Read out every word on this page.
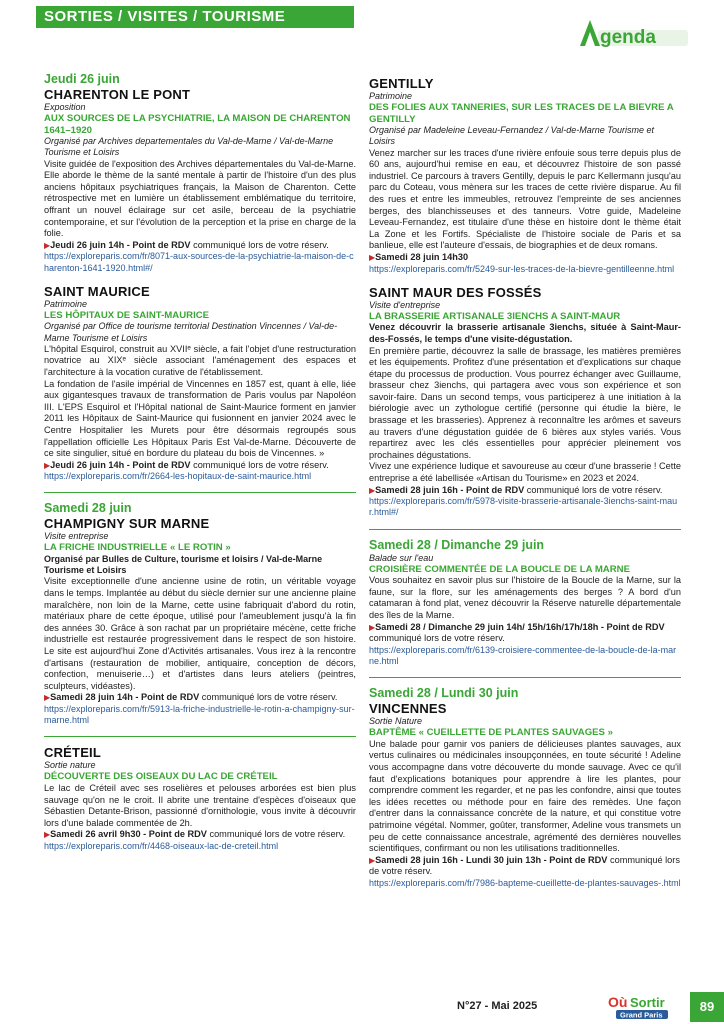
SORTIES / VISITES / TOURISME
genda
Jeudi 26 juin
CHARENTON LE PONT
Exposition
AUX SOURCES DE LA PSYCHIATRIE, LA MAISON DE CHARENTON 1641–1920
Organisé par Archives departementales du Val-de-Marne / Val-de-Marne Tourisme et Loisirs
Visite guidée de l'exposition des Archives départementales du Val-de-Marne. Elle aborde le thème de la santé mentale à partir de l'histoire d'un des plus anciens hôpitaux psychiatriques français, la Maison de Charenton. Cette rétrospective met en lumière un établissement emblématique du territoire, offrant un nouvel éclairage sur cet asile, berceau de la psychiatrie contemporaine, et sur l'évolution de la perception et la prise en charge de la folie.
▶Jeudi 26 juin 14h - Point de RDV communiqué lors de votre réserv.
https://exploreparis.com/fr/8071-aux-sources-de-la-psychiatrie-la-maison-de-charenton-1641-1920.html#/
SAINT MAURICE
Patrimoine
LES HÔPITAUX DE SAINT-MAURICE
Organisé par Office de tourisme territorial Destination Vincennes / Val-de-Marne Tourisme et Loisirs
L'hôpital Esquirol, construit au XVIIᵉ siècle, a fait l'objet d'une restructuration novatrice au XIXᵉ siècle associant l'aménagement des espaces et l'architecture à la vocation curative de l'établissement.
La fondation de l'asile impérial de Vincennes en 1857 est, quant à elle, liée aux gigantesques travaux de transformation de Paris voulus par Napoléon III. L'EPS Esquirol et l'Hôpital national de Saint-Maurice forment en janvier 2011 les Hôpitaux de Saint-Maurice qui fusionnent en janvier 2024 avec le Centre Hospitalier les Murets pour être désormais regroupés sous l'appellation officielle Les Hôpitaux Paris Est Val-de-Marne. Découverte de ce site singulier, situé en bordure du plateau du bois de Vincennes. »
▶Jeudi 26 juin 14h - Point de RDV communiqué lors de votre réserv.
https://exploreparis.com/fr/2664-les-hopitaux-de-saint-maurice.html
Samedi 28 juin
CHAMPIGNY SUR MARNE
Visite entreprise
LA FRICHE INDUSTRIELLE « LE ROTIN »
Organisé par Bulles de Culture, tourisme et loisirs / Val-de-Marne Tourisme et Loisirs
Visite exceptionnelle d'une ancienne usine de rotin, un véritable voyage dans le temps. Implantée au début du siècle dernier sur une ancienne plaine maraîchère, non loin de la Marne, cette usine fabriquait d'abord du rotin, matériaux phare de cette époque, utilisé pour l'ameublement jusqu'à la fin des années 30. Grâce à son rachat par un propriétaire mécène, cette friche industrielle est restaurée progressivement dans le respect de son histoire. Le site est aujourd'hui Zone d'Activités artisanales. Vous irez à la rencontre d'artisans (restauration de mobilier, antiquaire, conception de décors, confection, menuiserie…) et d'artistes dans leurs ateliers (peintres, sculpteurs, vidéastes).
▶Samedi 28 juin 14h - Point de RDV communiqué lors de votre réserv.
https://exploreparis.com/fr/5913-la-friche-industrielle-le-rotin-a-champigny-sur-marne.html
CRÉTEIL
Sortie nature
DÉCOUVERTE DES OISEAUX DU LAC DE CRÉTEIL
Le lac de Créteil avec ses roselières et pelouses arborées est bien plus sauvage qu'on ne le croit. Il abrite une trentaine d'espèces d'oiseaux que Sébastien Detante-Brison, passionné d'ornithologie, vous invite à découvrir lors d'une balade commentée de 2h.
▶Samedi 26 avril 9h30 - Point de RDV communiqué lors de votre réserv.
https://exploreparis.com/fr/4468-oiseaux-lac-de-creteil.html
GENTILLY
Patrimoine
DES FOLIES AUX TANNERIES, SUR LES TRACES DE LA BIEVRE A GENTILLY
Organisé par Madeleine Leveau-Fernandez / Val-de-Marne Tourisme et Loisirs
Venez marcher sur les traces d'une rivière enfouie sous terre depuis plus de 60 ans, aujourd'hui remise en eau, et découvrez l'histoire de son passé industriel. Ce parcours à travers Gentilly, depuis le parc Kellermann jusqu'au parc du Coteau, vous mènera sur les traces de cette rivière disparue. Au fil des rues et entre les immeubles, retrouvez l'empreinte de ses anciennes berges, des blanchisseuses et des tanneurs. Votre guide, Madeleine Leveau-Fernandez, est titulaire d'une thèse en histoire dont le thème était La Zone et les Fortifs. Spécialiste de l'histoire sociale de Paris et sa banlieue, elle est l'auteure d'essais, de biographies et de deux romans.
▶Samedi 28 juin 14h30
https://exploreparis.com/fr/5249-sur-les-traces-de-la-bievre-gentilleenne.html
SAINT MAUR DES FOSSÉS
Visite d'entreprise
LA BRASSERIE ARTISANALE 3IENCHS A SAINT-MAUR
Venez découvrir la brasserie artisanale 3ienchs, située à Saint-Maur-des-Fossés, le temps d'une visite-dégustation.
En première partie, découvrez la salle de brassage, les matières premières et les équipements. Profitez d'une présentation et d'explications sur chaque étape du processus de production. Vous pourrez échanger avec Guillaume, brasseur chez 3ienchs, qui partagera avec vous son expérience et son savoir-faire. Dans un second temps, vous participerez à une initiation à la biérologie avec un zythologue certifié (personne qui étudie la bière, le brassage et les brasseries). Apprenez à reconnaître les arômes et saveurs au travers d'une dégustation guidée de 6 bières aux styles variés. Vous repartirez avec les clés essentielles pour apprécier pleinement vos prochaines dégustations.
Vivez une expérience ludique et savoureuse au cœur d'une brasserie ! Cette entreprise a été labellisée «Artisan du Tourisme» en 2023 et 2024.
▶Samedi 28 juin 16h - Point de RDV communiqué lors de votre réserv.
https://exploreparis.com/fr/5978-visite-brasserie-artisanale-3ienchs-saint-maur.html#/
Samedi 28 / Dimanche 29 juin
Balade sur l'eau
CROISIÈRE COMMENTÉE DE LA BOUCLE DE LA MARNE
Vous souhaitez en savoir plus sur l'histoire de la Boucle de la Marne, sur la faune, sur la flore, sur les aménagements des berges ? A bord d'un catamaran à fond plat, venez découvrir la Réserve naturelle départementale des îles de la Marne.
▶Samedi 28 / Dimanche 29 juin 14h/ 15h/16h/17h/18h - Point de RDV communiqué lors de votre réserv.
https://exploreparis.com/fr/6139-croisiere-commentee-de-la-boucle-de-la-marne.html
Samedi 28 / Lundi 30 juin
VINCENNES
Sortie Nature
BAPTÊME « CUEILLETTE DE PLANTES SAUVAGES »
Une balade pour garnir vos paniers de délicieuses plantes sauvages, aux vertus culinaires ou médicinales insoupçonnées, en toute sécurité ! Adeline vous accompagne dans votre découverte du monde sauvage. Avec ce qu'il faut d'explications botaniques pour apprendre à lire les plantes, pour comprendre comment les regarder, et ne pas les confondre, ainsi que toutes les idées recettes ou méthode pour en faire des remèdes. Une façon d'entrer dans la connaissance concrète de la nature, et qui constitue votre patrimoine végétal. Nommer, goûter, transformer, Adeline vous transmets un peu de cette connaissance ancestrale, agrémenté des dernières nouvelles scientifiques, confirmant ou non les utilisations traditionnelles.
▶Samedi 28 juin 16h - Lundi 30 juin 13h - Point de RDV communiqué lors de votre réserv.
https://exploreparis.com/fr/7986-bapteme-cueillette-de-plantes-sauvages-.html
N°27 - Mai 2025	Où Sortir
Grand Paris
89
